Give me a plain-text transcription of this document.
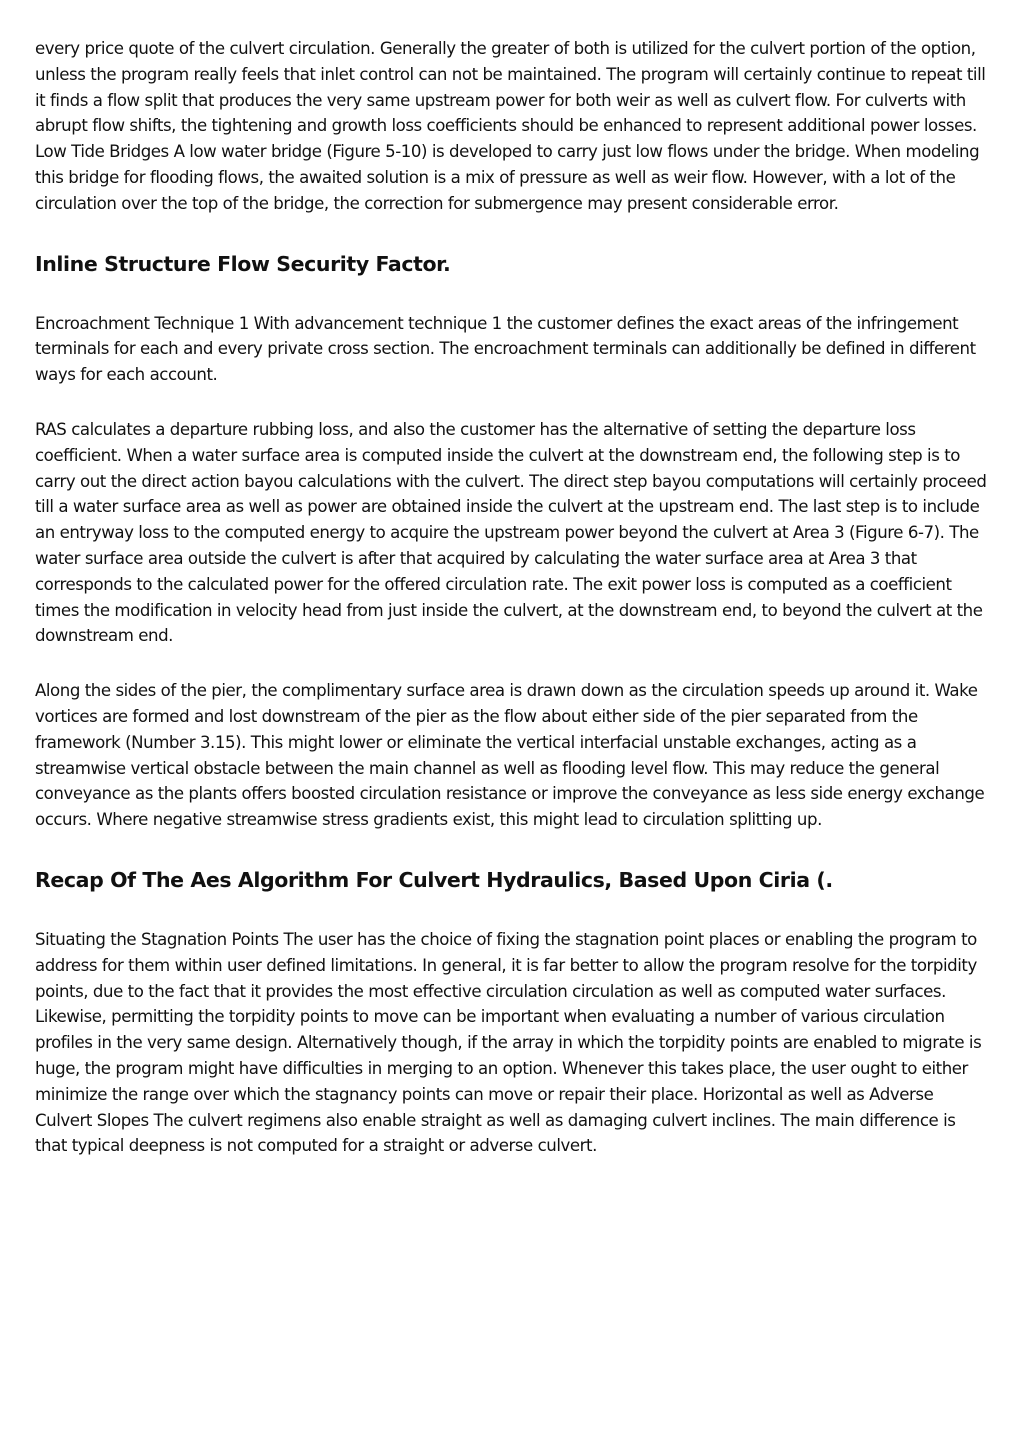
every price quote of the culvert circulation. Generally the greater of both is utilized for the culvert portion of the option, unless the program really feels that inlet control can not be maintained. The program will certainly continue to repeat till it finds a flow split that produces the very same upstream power for both weir as well as culvert flow. For culverts with abrupt flow shifts, the tightening and growth loss coefficients should be enhanced to represent additional power losses. Low Tide Bridges A low water bridge (Figure 5-10) is developed to carry just low flows under the bridge. When modeling this bridge for flooding flows, the awaited solution is a mix of pressure as well as weir flow. However, with a lot of the circulation over the top of the bridge, the correction for submergence may present considerable error.

Inline Structure Flow Security Factor.

Encroachment Technique 1 With advancement technique 1 the customer defines the exact areas of the infringement terminals for each and every private cross section. The encroachment terminals can additionally be defined in different ways for each account.

RAS calculates a departure rubbing loss, and also the customer has the alternative of setting the departure loss coefficient. When a water surface area is computed inside the culvert at the downstream end, the following step is to carry out the direct action bayou calculations with the culvert. The direct step bayou computations will certainly proceed till a water surface area as well as power are obtained inside the culvert at the upstream end. The last step is to include an entryway loss to the computed energy to acquire the upstream power beyond the culvert at Area 3 (Figure 6-7). The water surface area outside the culvert is after that acquired by calculating the water surface area at Area 3 that corresponds to the calculated power for the offered circulation rate. The exit power loss is computed as a coefficient times the modification in velocity head from just inside the culvert, at the downstream end, to beyond the culvert at the downstream end.

Along the sides of the pier, the complimentary surface area is drawn down as the circulation speeds up around it. Wake vortices are formed and lost downstream of the pier as the flow about either side of the pier separated from the framework (Number 3.15). This might lower or eliminate the vertical interfacial unstable exchanges, acting as a streamwise vertical obstacle between the main channel as well as flooding level flow. This may reduce the general conveyance as the plants offers boosted circulation resistance or improve the conveyance as less side energy exchange occurs. Where negative streamwise stress gradients exist, this might lead to circulation splitting up.

Recap Of The Aes Algorithm For Culvert Hydraulics, Based Upon Ciria (.

Situating the Stagnation Points The user has the choice of fixing the stagnation point places or enabling the program to address for them within user defined limitations. In general, it is far better to allow the program resolve for the torpidity points, due to the fact that it provides the most effective circulation circulation as well as computed water surfaces. Likewise, permitting the torpidity points to move can be important when evaluating a number of various circulation profiles in the very same design. Alternatively though, if the array in which the torpidity points are enabled to migrate is huge, the program might have difficulties in merging to an option. Whenever this takes place, the user ought to either minimize the range over which the stagnancy points can move or repair their place. Horizontal as well as Adverse Culvert Slopes The culvert regimens also enable straight as well as damaging culvert inclines. The main difference is that typical deepness is not computed for a straight or adverse culvert.
